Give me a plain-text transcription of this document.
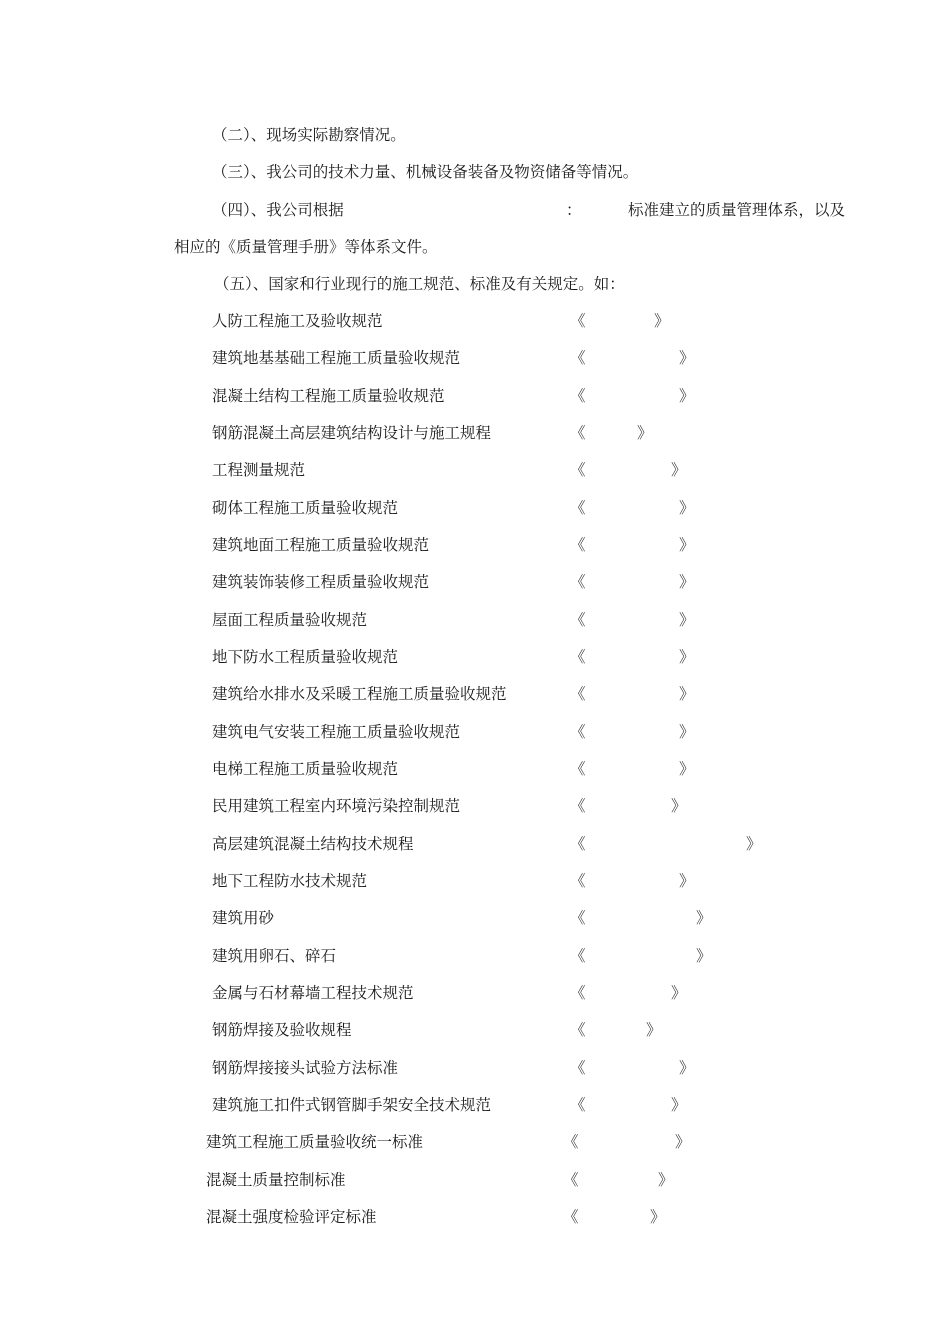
（二）、现场实际勘察情况。
（三）、我公司的技术力量、机械设备装备及物资储备等情况。
（四）、我公司根据	：	标准建立的质量管理体系，以及
相应的《质量管理手册》等体系文件。
（五）、国家和行业现行的施工规范、标准及有关规定。如：
人防工程施工及验收规范	《	》
建筑地基基础工程施工质量验收规范	《	》
混凝土结构工程施工质量验收规范	《	》
钢筋混凝土高层建筑结构设计与施工规程	《	》
工程测量规范	《	》
砌体工程施工质量验收规范	《	》
建筑地面工程施工质量验收规范	《	》
建筑装饰装修工程质量验收规范	《	》
屋面工程质量验收规范	《	》
地下防水工程质量验收规范	《	》
建筑给水排水及采暖工程施工质量验收规范	《	》
建筑电气安装工程施工质量验收规范	《	》
电梯工程施工质量验收规范	《	》
民用建筑工程室内环境污染控制规范	《	》
高层建筑混凝土结构技术规程	《	》
地下工程防水技术规范	《	》
建筑用砂	《	》
建筑用卵石、碎石	《	》
金属与石材幕墙工程技术规范	《	》
钢筋焊接及验收规程	《	》
钢筋焊接接头试验方法标准	《	》
建筑施工扣件式钢管脚手架安全技术规范	《	》
建筑工程施工质量验收统一标准	《	》
混凝土质量控制标准	《	》
混凝土强度检验评定标准	《	》
